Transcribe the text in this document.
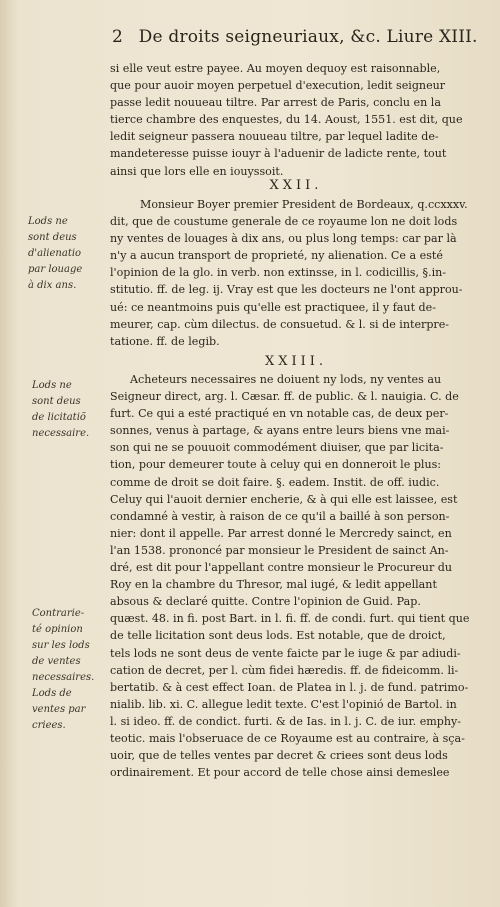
2 De droits seigneuriaux, &c. Liure XIII.
si elle veut estre payee. Au moyen dequoy est raisonnable,
que pour auoir moyen perpetuel d'execution, ledit seigneur
passe ledit nouueau tiltre. Par arrest de Paris, conclu en la
tierce chambre des enquestes, du 14. Aoust, 1551. est dit, que
ledit seigneur passera nouueau tiltre, par lequel ladite de-
mandeteresse puisse iouyr à l'aduenir de ladicte rente, tout
ainsi que lors elle en iouyssoit.
XXII.
Lods ne
sont deus
d'alienatio
par louage
à dix ans.
Monsieur Boyer premier President de Bordeaux, q.ccxxxv.
dit, que de coustume generale de ce royaume lon ne doit lods
ny ventes de louages à dix ans, ou plus long temps: car par là
n'y a aucun transport de proprieté, ny alienation. Ce a esté
l'opinion de la glo. in verb. non extinsse, in l. codicillis, §.in-
stitutio. ff. de leg. ij. Vray est que les docteurs ne l'ont approu-
ué: ce neantmoins puis qu'elle est practiquee, il y faut de-
meurer, cap. cùm dilectus. de consuetud. & l. si de interpre-
tatione. ff. de legib.
XXIII.
Lods ne
sont deus
de licitatiõ
necessaire.
Contrarie-
té opinion
sur les lods
de ventes
necessaires.
Lods de
ventes par
criees.
Acheteurs necessaires ne doiuent ny lods, ny ventes au
Seigneur direct, arg. l. Cæsar. ff. de public. & l. nauigia. C. de
furt. Ce qui a esté practiqué en vn notable cas, de deux per-
sonnes, venus à partage, & ayans entre leurs biens vne mai-
son qui ne se pouuoit commodément diuiser, que par licita-
tion, pour demeurer toute à celuy qui en donneroit le plus:
comme de droit se doit faire. §. eadem. Instit. de off. iudic.
Celuy qui l'auoit dernier encherie, & à qui elle est laissee, est
condamné à vestir, à raison de ce qu'il a baillé à son person-
nier: dont il appelle. Par arrest donné le Mercredy sainct, en
l'an 1538. prononcé par monsieur le President de sainct An-
dré, est dit pour l'appellant contre monsieur le Procureur du
Roy en la chambre du Thresor, mal iugé, & ledit appellant
absous & declaré quitte. Contre l'opinion de Guid. Pap.
quæst. 48. in fi. post Bart. in l. fi. ff. de condi. furt. qui tient que
de telle licitation sont deus lods. Est notable, que de droict,
tels lods ne sont deus de vente faicte par le iuge & par adiudi-
cation de decret, per l. cùm fidei hæredis. ff. de fideicomm. li-
bertatib. & à cest effect Ioan. de Platea in l. j. de fund. patrimo-
nialib. lib. xi. C. allegue ledit texte. C'est l'opinió de Bartol. in
l. si ideo. ff. de condict. furti. & de Ias. in l. j. C. de iur. emphy-
teotic. mais l'obseruace de ce Royaume est au contraire, à sça-
uoir, que de telles ventes par decret & criees sont deus lods
ordinairement. Et pour accord de telle chose ainsi demeslee
